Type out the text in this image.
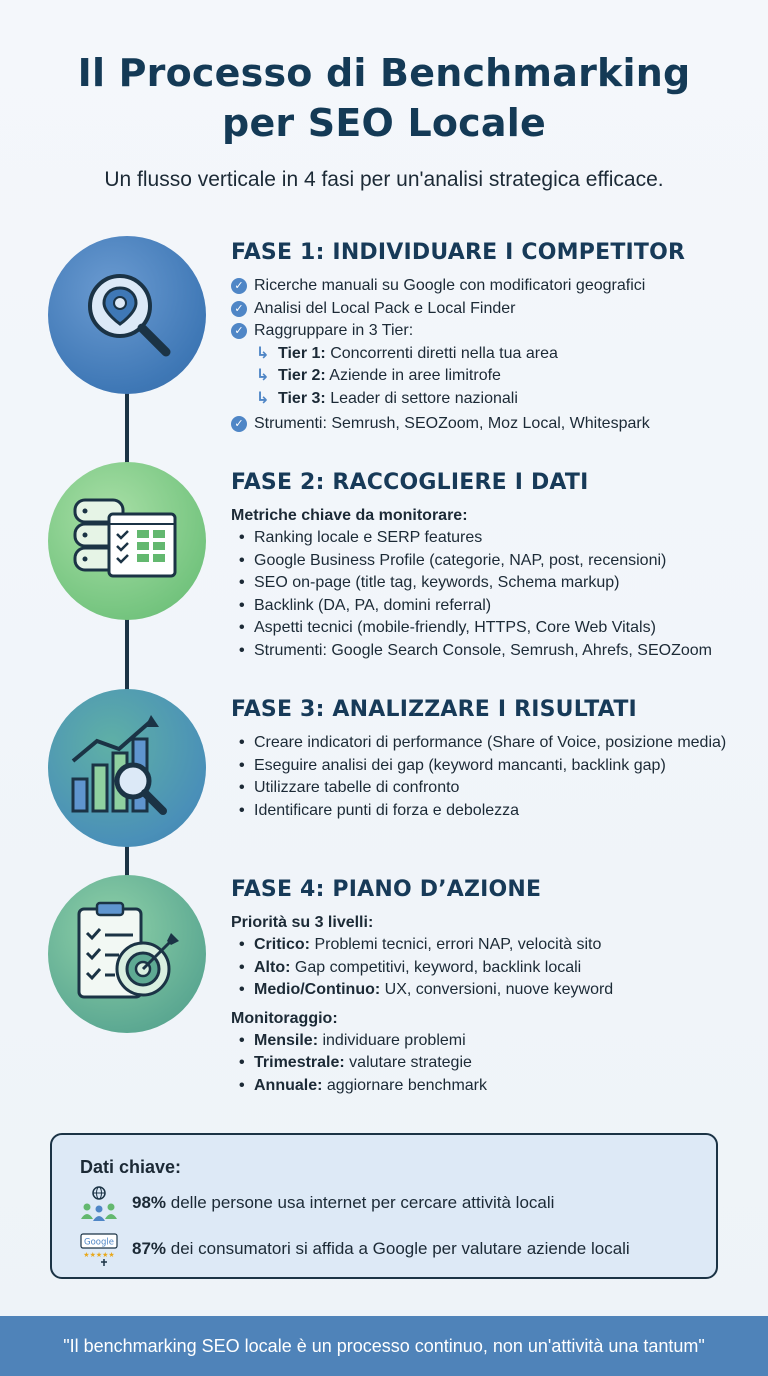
Il Processo di Benchmarking
per SEO Locale
Un flusso verticale in 4 fasi per un'analisi strategica efficace.
FASE 1: INDIVIDUARE I COMPETITOR
✓ Ricerche manuali su Google con modificatori geografici
✓ Analisi del Local Pack e Local Finder
✓ Raggruppare in 3 Tier:
↳ Tier 1: Concorrenti diretti nella tua area
↳ Tier 2: Aziende in aree limitrofe
↳ Tier 3: Leader di settore nazionali
✓ Strumenti: Semrush, SEOZoom, Moz Local, Whitespark
FASE 2: RACCOGLIERE I DATI
Metriche chiave da monitorare:
• Ranking locale e SERP features
• Google Business Profile (categorie, NAP, post, recensioni)
• SEO on-page (title tag, keywords, Schema markup)
• Backlink (DA, PA, domini referral)
• Aspetti tecnici (mobile-friendly, HTTPS, Core Web Vitals)
• Strumenti: Google Search Console, Semrush, Ahrefs, SEOZoom
FASE 3: ANALIZZARE I RISULTATI
• Creare indicatori di performance (Share of Voice, posizione media)
• Eseguire analisi dei gap (keyword mancanti, backlink gap)
• Utilizzare tabelle di confronto
• Identificare punti di forza e debolezza
FASE 4: PIANO D’AZIONE
Priorità su 3 livelli:
• Critico: Problemi tecnici, errori NAP, velocità sito
• Alto: Gap competitivi, keyword, backlink locali
• Medio/Continuo: UX, conversioni, nuove keyword
Monitoraggio:
• Mensile: individuare problemi
• Trimestrale: valutare strategie
• Annuale: aggiornare benchmark
Dati chiave:
98% delle persone usa internet per cercare attività locali
Google
★★★★★ 87% dei consumatori si affida a Google per valutare aziende locali
"Il benchmarking SEO locale è un processo continuo, non un'attività una tantum"
